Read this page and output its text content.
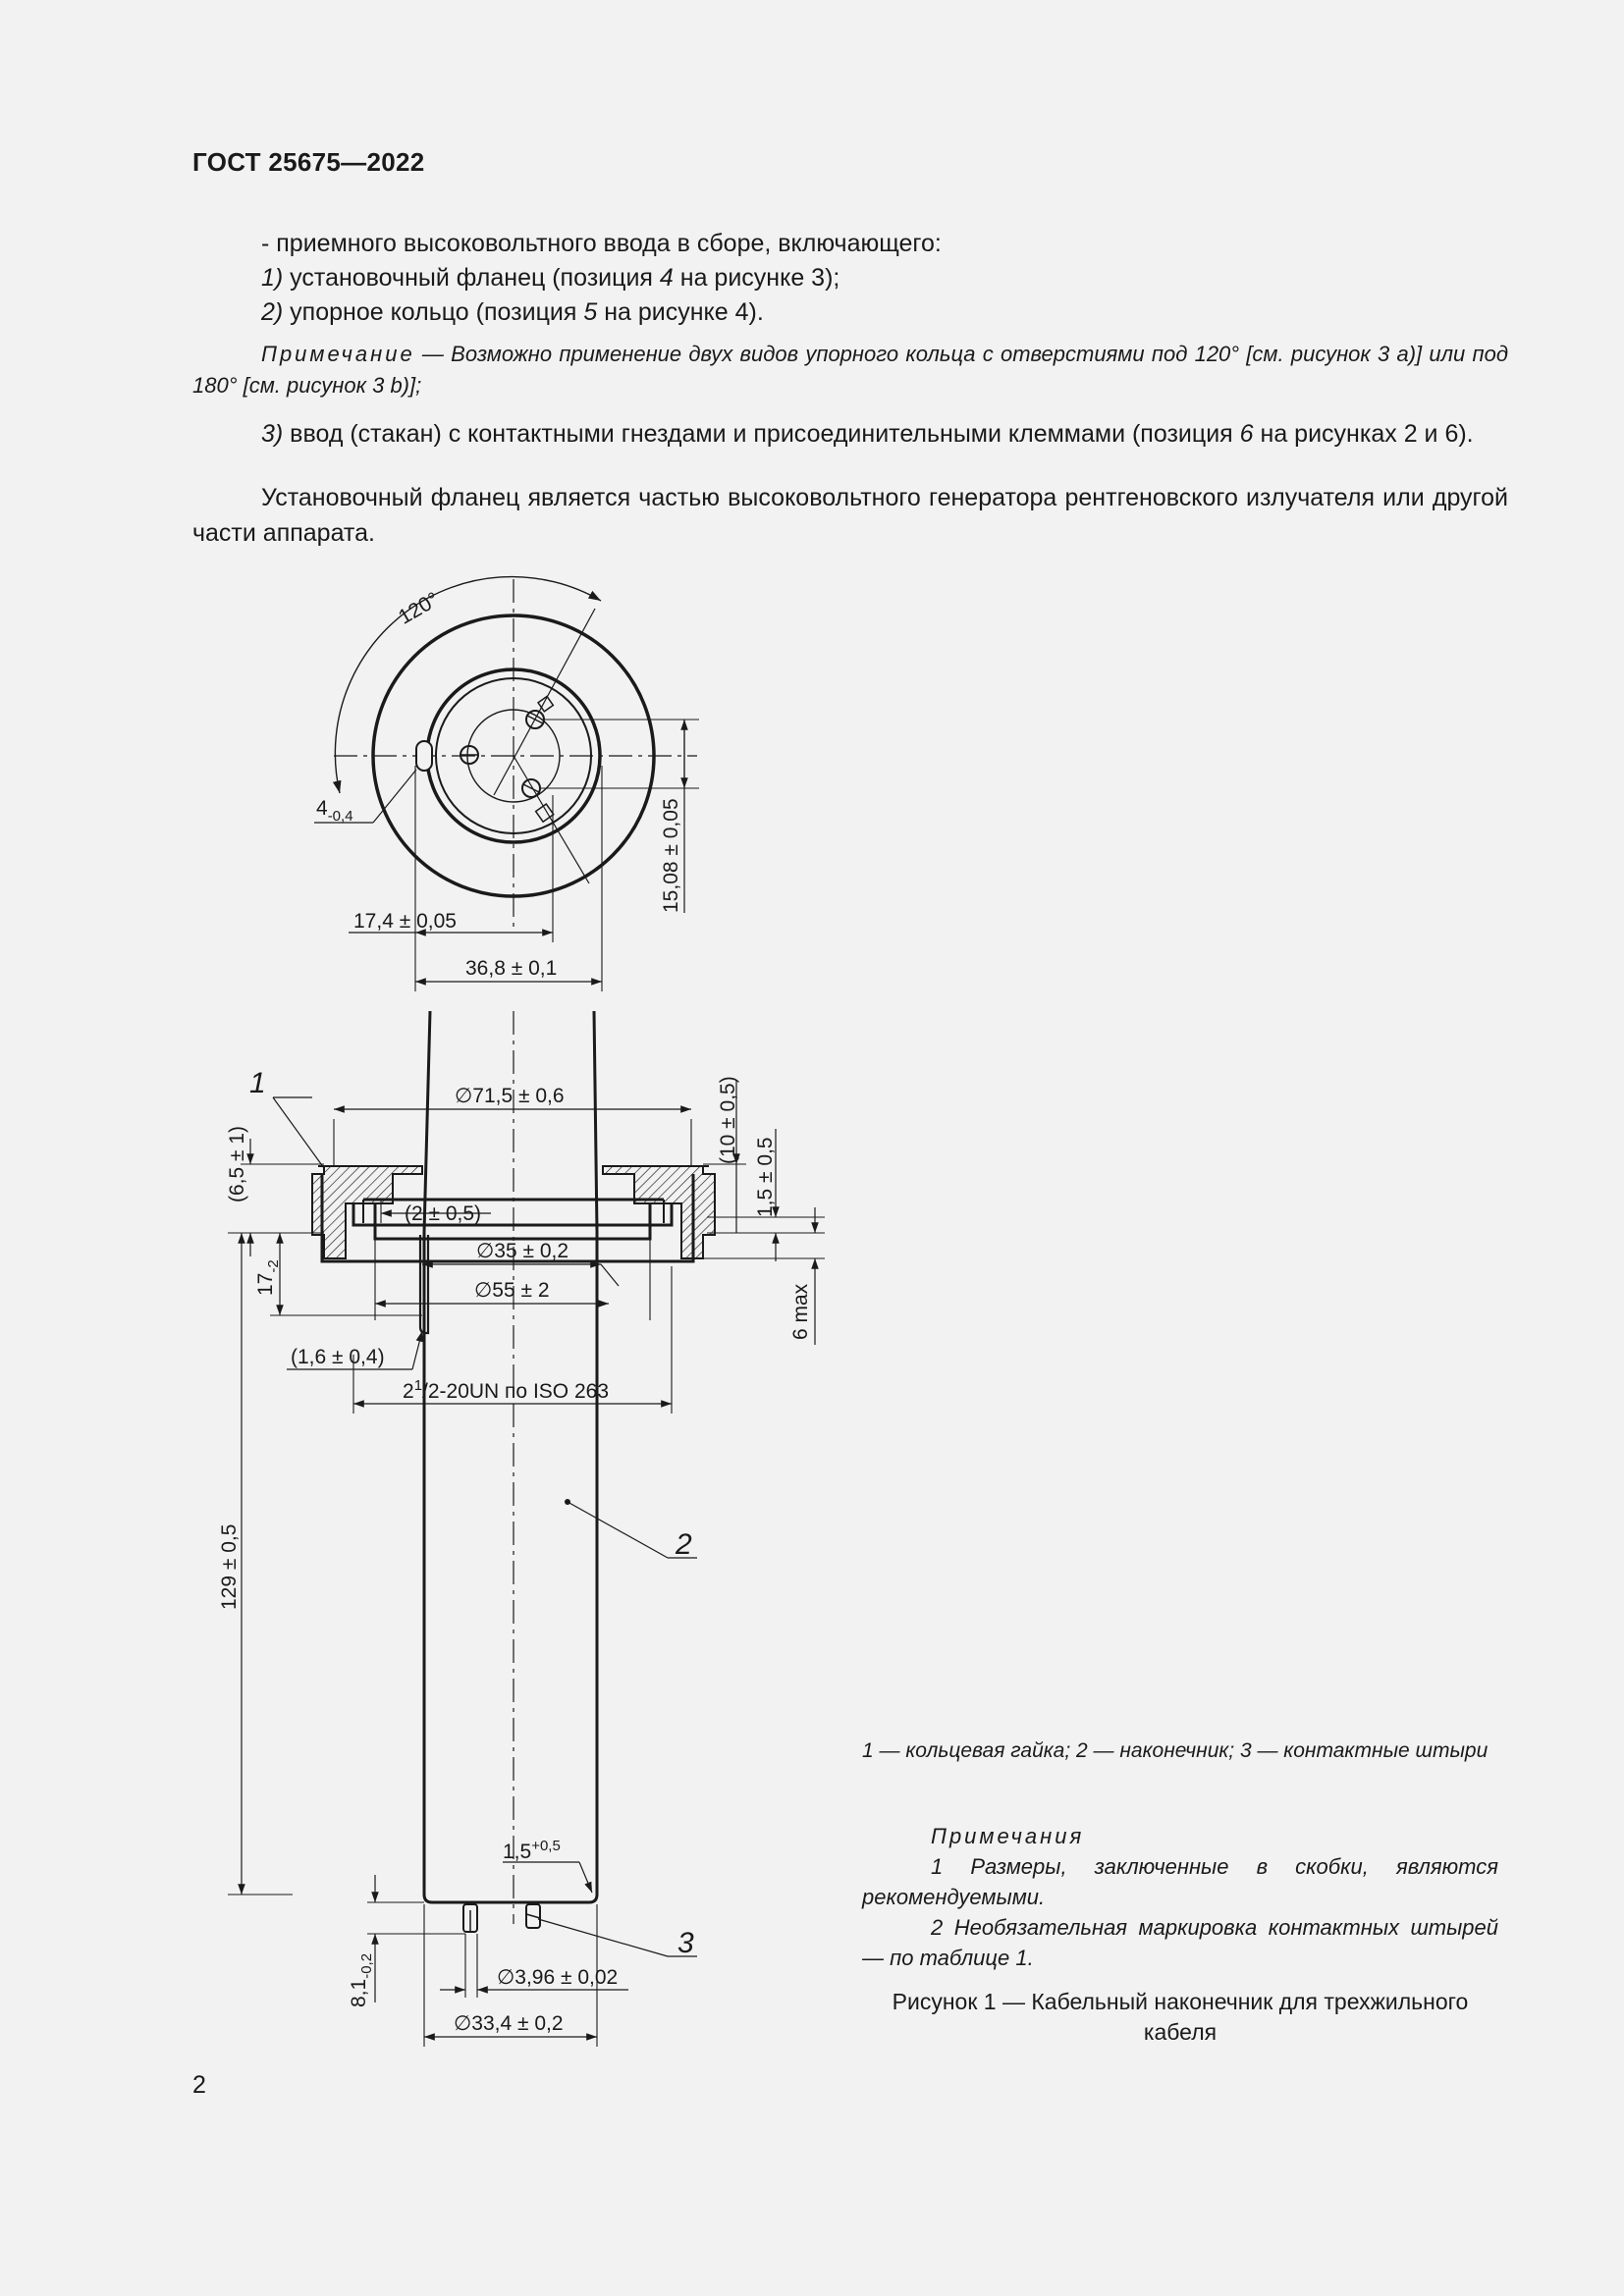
ГОСТ 25675—2022
- приемного высоковольтного ввода в сборе, включающего:
1) установочный фланец (позиция 4 на рисунке 3);
2) упорное кольцо (позиция 5 на рисунке 4).
Примечание — Возможно применение двух видов упорного кольца с отверстиями под 120° [см. рисунок 3 a)] или под 180° [см. рисунок 3 b)];
3) ввод (стакан) с контактными гнездами и присоединительными клеммами (позиция 6 на рисунках 2 и 6).
Установочный фланец является частью высоковольтного генератора рентгеновского излучателя или другой части аппарата.
120°
$4_{-0,4}$	15,08 ± 0,05
17,4 ± 0,05
36,8 ± 0,1
1	∅71,5 ± 0,6
(6,5 ± 1)
$17_{-2}$
(2 ± 0,5)
∅35 ± 0,2
∅55 ± 2
(1,6 ± 0,4)
$2^1/2-20UN$ по ISO 263
(10 ± 0,5)
1,5 ± 0,5
6 max
2
129 ± 0,5
$1,5^{+0,5}$
3
$8,1_{-0,2}$	∅3,96 ± 0,02
∅33,4 ± 0,2
1 — кольцевая гайка; 2 — наконечник; 3 — контактные штыри
Примечания
1 Размеры, заключенные в скобки, являются рекомендуемыми.
2 Необязательная маркировка контактных штырей — по таблице 1.
Рисунок 1 — Кабельный наконечник для трехжильного кабеля
2
